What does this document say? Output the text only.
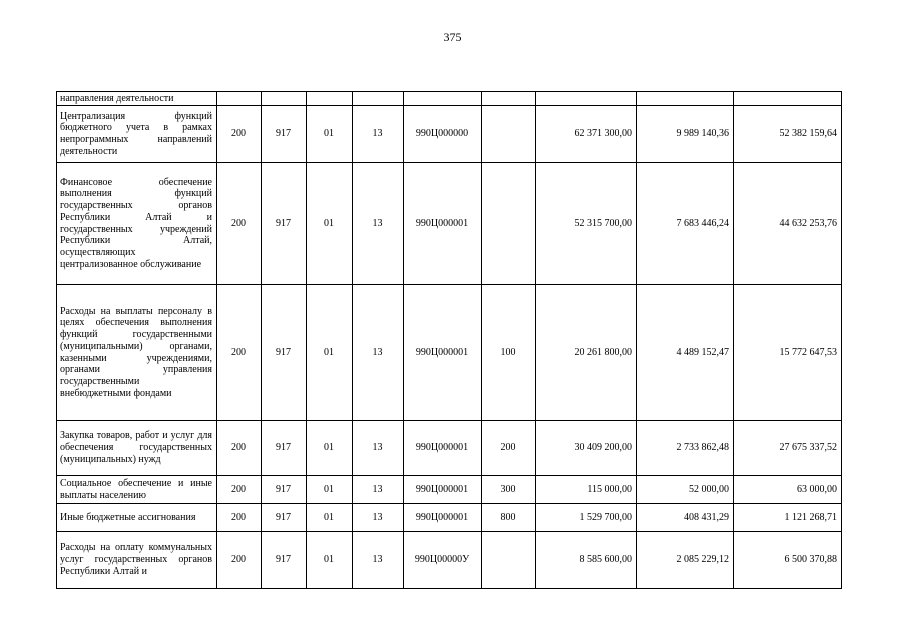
375
направления деятельности									
Централизация функций бюджетного учета в рамках непрограммных направлений деятельности	200	917	01	13	990Ц000000		62 371 300,00	9 989 140,36	52 382 159,64
Финансовое обеспечение выполнения функций государственных органов Республики Алтай и государственных учреждений Республики Алтай, осуществляющих централизованное обслуживание	200	917	01	13	990Ц000001		52 315 700,00	7 683 446,24	44 632 253,76
Расходы на выплаты персоналу в целях обеспечения выполнения функций государственными (муниципальными) органами, казенными учреждениями, органами управления государственными внебюджетными фондами	200	917	01	13	990Ц000001	100	20 261 800,00	4 489 152,47	15 772 647,53
Закупка товаров, работ и услуг для обеспечения государственных (муниципальных) нужд	200	917	01	13	990Ц000001	200	30 409 200,00	2 733 862,48	27 675 337,52
Социальное обеспечение и иные выплаты населению	200	917	01	13	990Ц000001	300	115 000,00	52 000,00	63 000,00
Иные бюджетные ассигнования	200	917	01	13	990Ц000001	800	1 529 700,00	408 431,29	1 121 268,71
Расходы на оплату коммунальных услуг государственных органов Республики Алтай и	200	917	01	13	990Ц00000У		8 585 600,00	2 085 229,12	6 500 370,88
